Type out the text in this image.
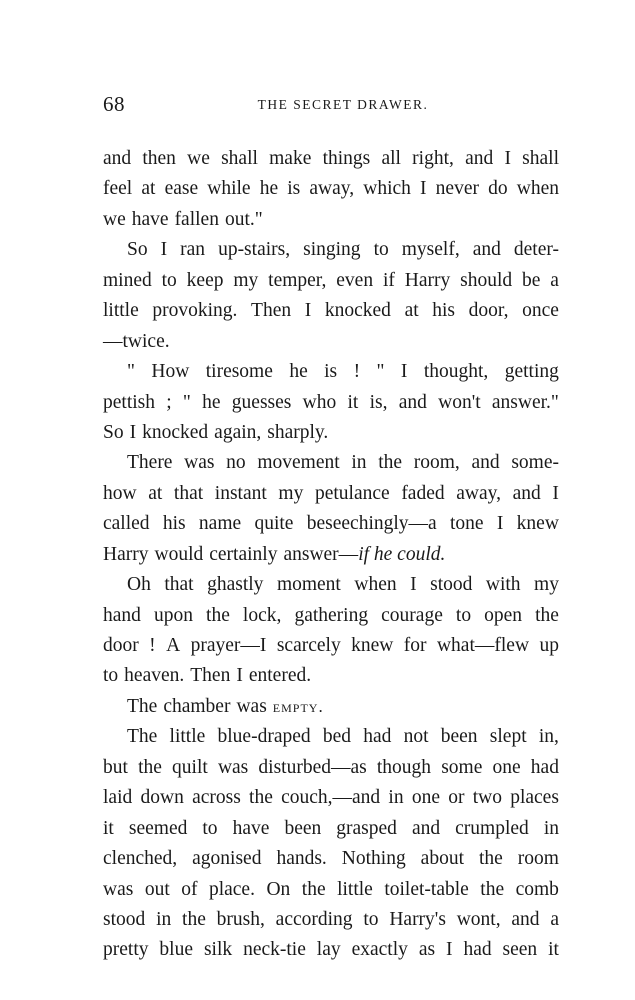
68	THE SECRET DRAWER.
and then we shall make things all right, and I shall
feel at ease while he is away, which I never do when
we have fallen out."
So I ran up-stairs, singing to myself, and deter-
mined to keep my temper, even if Harry should be a
little provoking. Then I knocked at his door, once
—twice.
" How tiresome he is ! " I thought, getting
pettish ; " he guesses who it is, and won't answer."
So I knocked again, sharply.
There was no movement in the room, and some-
how at that instant my petulance faded away, and I
called his name quite beseechingly—a tone I knew
Harry would certainly answer—if he could.
Oh that ghastly moment when I stood with my
hand upon the lock, gathering courage to open the
door ! A prayer—I scarcely knew for what—flew up
to heaven. Then I entered.
The chamber was empty.
The little blue-draped bed had not been slept in,
but the quilt was disturbed—as though some one had
laid down across the couch,—and in one or two places
it seemed to have been grasped and crumpled in
clenched, agonised hands. Nothing about the room
was out of place. On the little toilet-table the comb
stood in the brush, according to Harry's wont, and a
pretty blue silk neck-tie lay exactly as I had seen it
